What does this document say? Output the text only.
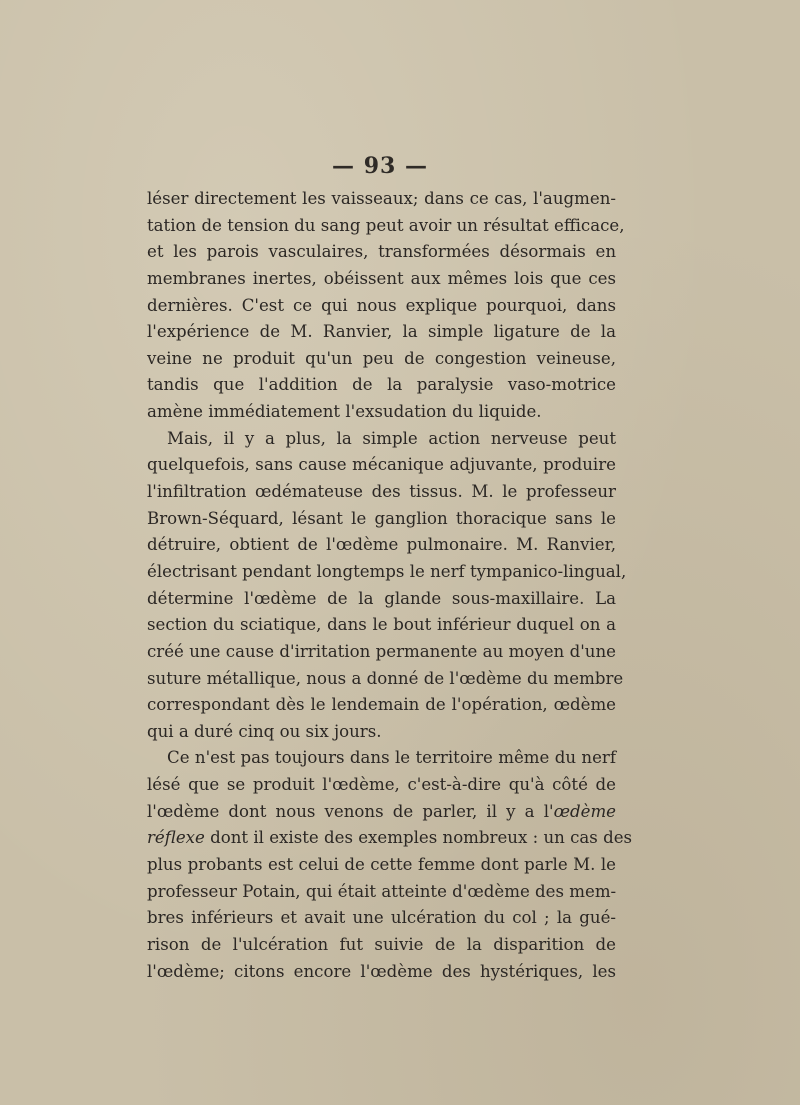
— 93 —
léser directement les vaisseaux; dans ce cas, l'augmen-
tation de tension du sang peut avoir un résultat efficace,
et les parois vasculaires, transformées désormais en
membranes inertes, obéissent aux mêmes lois que ces
dernières. C'est ce qui nous explique pourquoi, dans
l'expérience de M. Ranvier, la simple ligature de la
veine ne produit qu'un peu de congestion veineuse,
tandis que l'addition de la paralysie vaso-motrice
amène immédiatement l'exsudation du liquide.
Mais, il y a plus, la simple action nerveuse peut
quelquefois, sans cause mécanique adjuvante, produire
l'infiltration œdémateuse des tissus. M. le professeur
Brown-Séquard, lésant le ganglion thoracique sans le
détruire, obtient de l'œdème pulmonaire. M. Ranvier,
électrisant pendant longtemps le nerf tympanico-lingual,
détermine l'œdème de la glande sous-maxillaire. La
section du sciatique, dans le bout inférieur duquel on a
créé une cause d'irritation permanente au moyen d'une
suture métallique, nous a donné de l'œdème du membre
correspondant dès le lendemain de l'opération, œdème
qui a duré cinq ou six jours.
Ce n'est pas toujours dans le territoire même du nerf
lésé que se produit l'œdème, c'est-à-dire qu'à côté de
l'œdème dont nous venons de parler, il y a l'œdème
réflexe dont il existe des exemples nombreux : un cas des
plus probants est celui de cette femme dont parle M. le
professeur Potain, qui était atteinte d'œdème des mem-
bres inférieurs et avait une ulcération du col ; la gué-
rison de l'ulcération fut suivie de la disparition de
l'œdème; citons encore l'œdème des hystériques, les
